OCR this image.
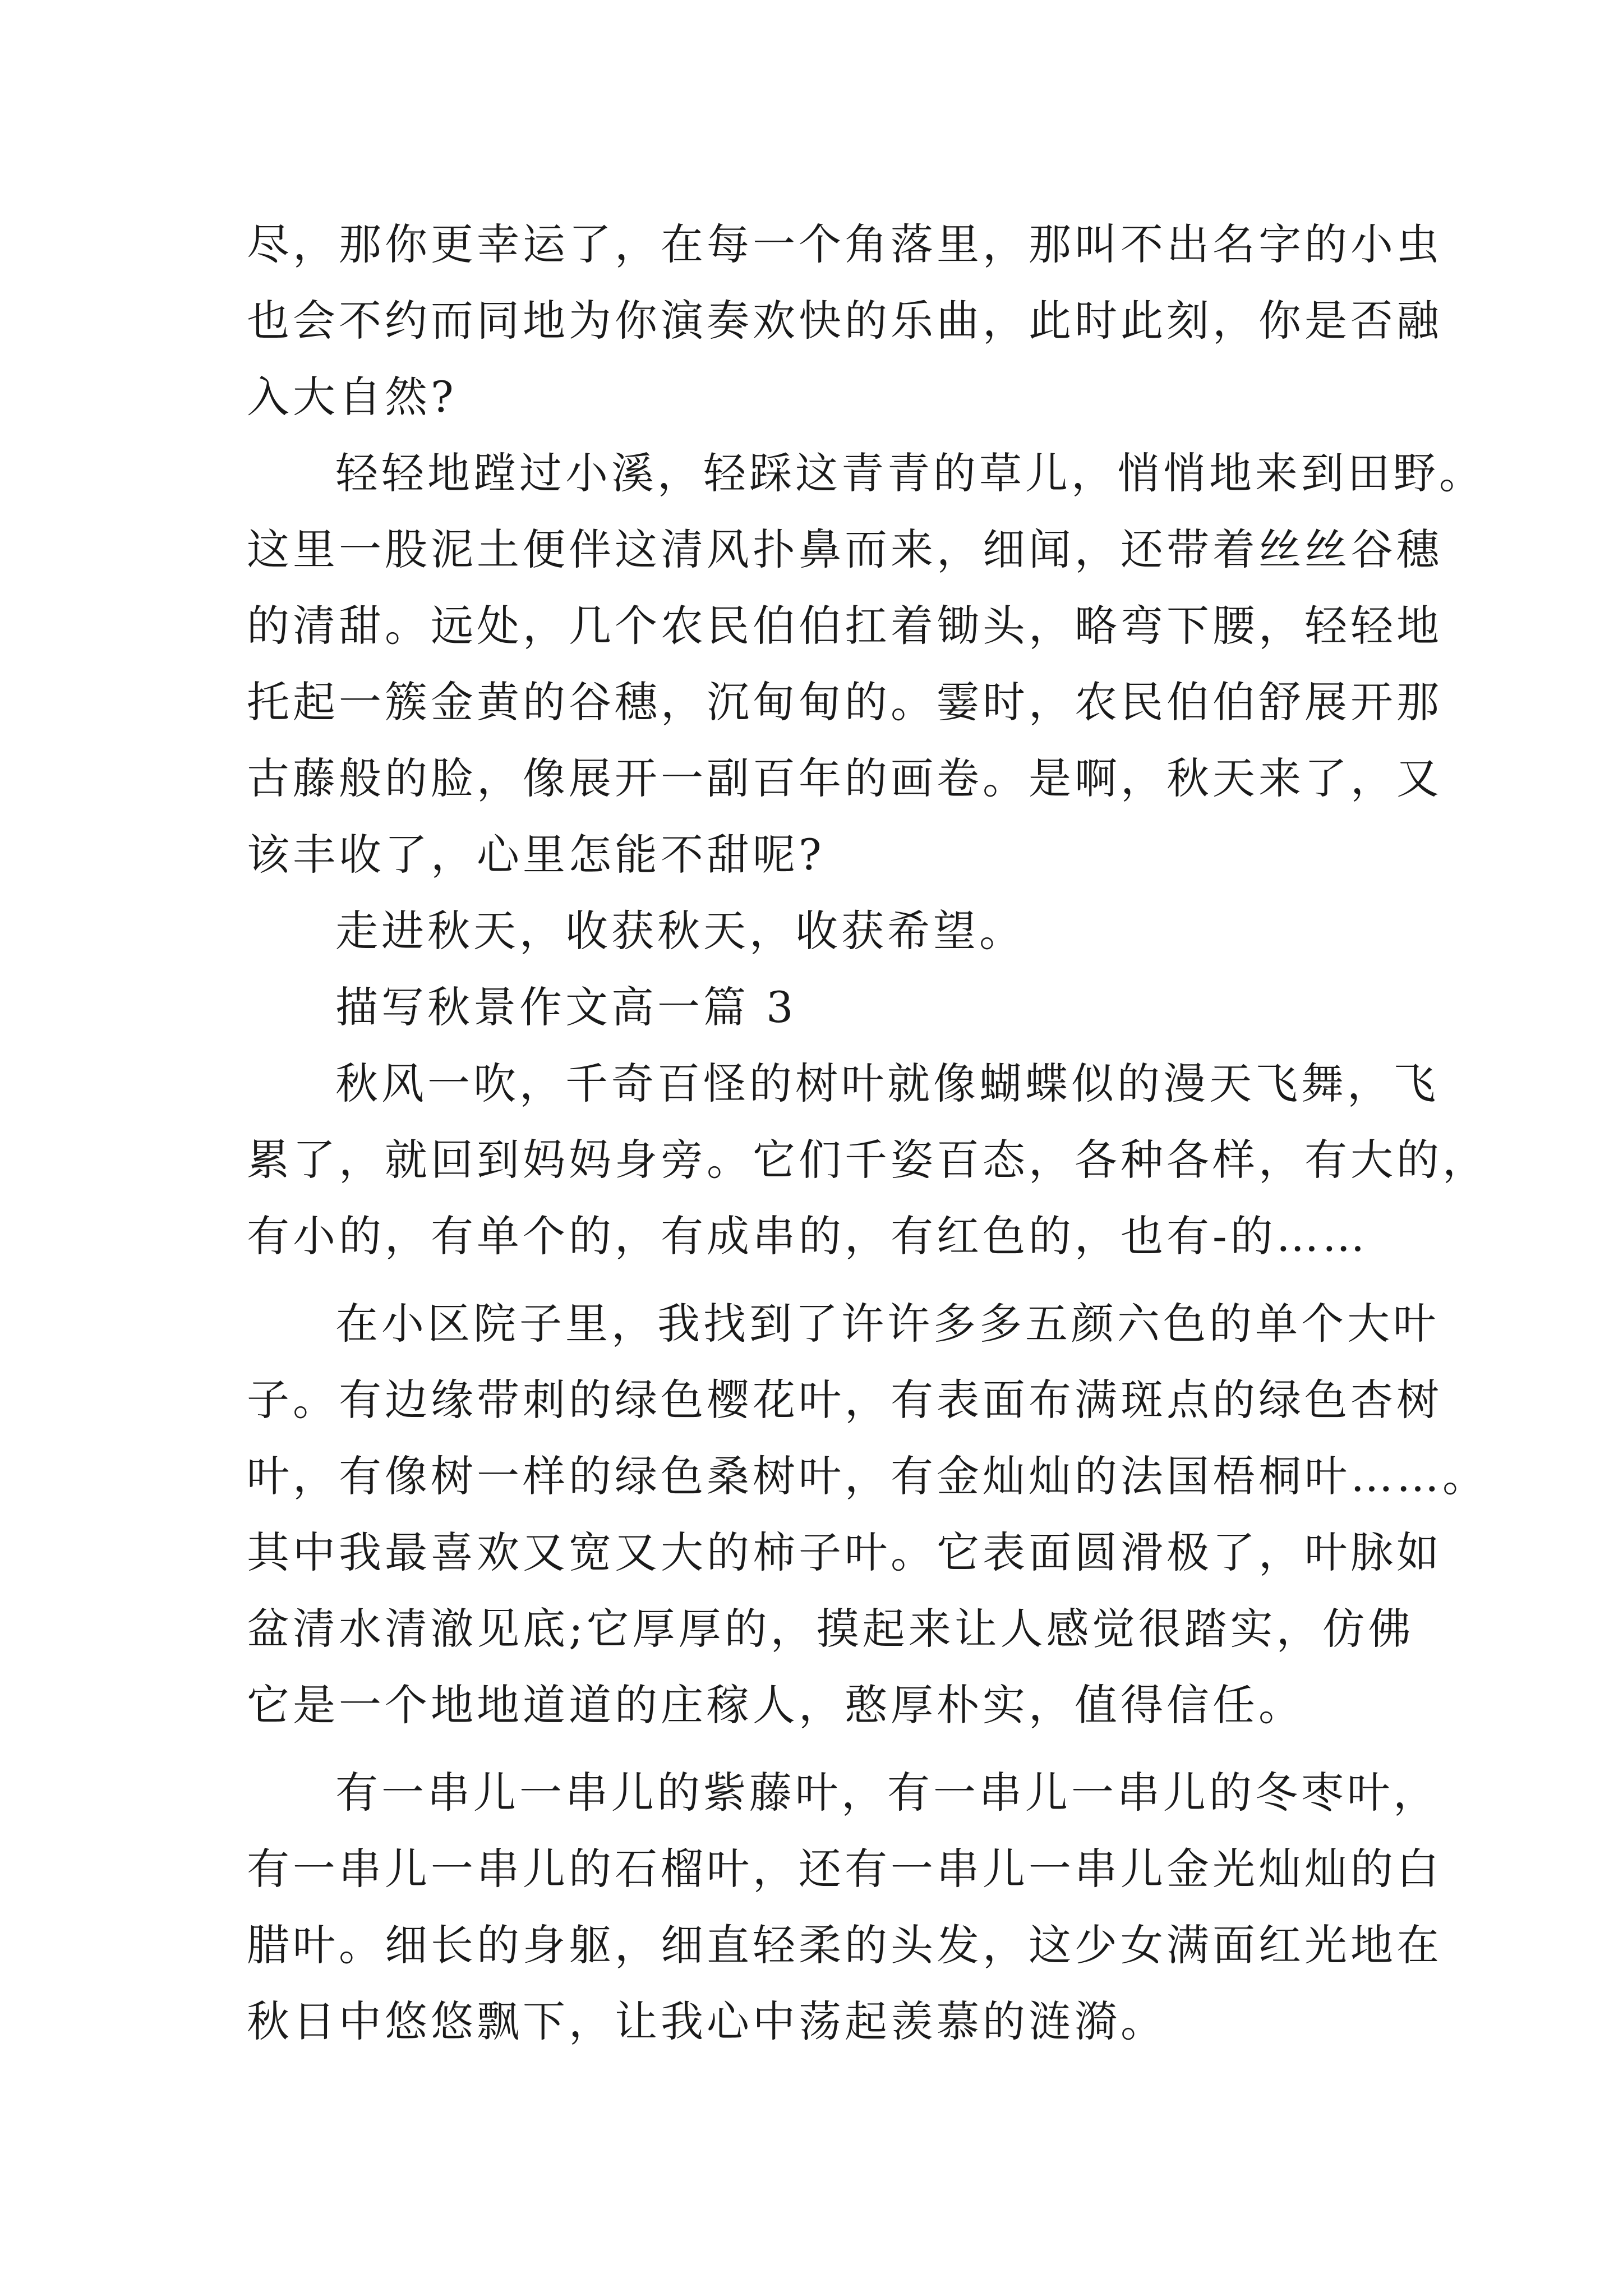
尽，那你更幸运了，在每一个角落里，那叫不出名字的小虫
也会不约而同地为你演奏欢快的乐曲，此时此刻，你是否融
入大自然?
轻轻地蹚过小溪，轻踩这青青的草儿，悄悄地来到田野。
这里一股泥土便伴这清风扑鼻而来，细闻，还带着丝丝谷穗
的清甜。远处，几个农民伯伯扛着锄头，略弯下腰，轻轻地
托起一簇金黄的谷穗，沉甸甸的。霎时，农民伯伯舒展开那
古藤般的脸，像展开一副百年的画卷。是啊，秋天来了，又
该丰收了，心里怎能不甜呢?
走进秋天，收获秋天，收获希望。
描写秋景作文高一篇 3
秋风一吹，千奇百怪的树叶就像蝴蝶似的漫天飞舞，飞
累了，就回到妈妈身旁。它们千姿百态，各种各样，有大的，
有小的，有单个的，有成串的，有红色的，也有-的……
在小区院子里，我找到了许许多多五颜六色的单个大叶
子。有边缘带刺的绿色樱花叶，有表面布满斑点的绿色杏树
叶，有像树一样的绿色桑树叶，有金灿灿的法国梧桐叶……。
其中我最喜欢又宽又大的柿子叶。它表面圆滑极了，叶脉如
盆清水清澈见底;它厚厚的，摸起来让人感觉很踏实，仿佛
它是一个地地道道的庄稼人，憨厚朴实，值得信任。
有一串儿一串儿的紫藤叶，有一串儿一串儿的冬枣叶，
有一串儿一串儿的石榴叶，还有一串儿一串儿金光灿灿的白
腊叶。细长的身躯，细直轻柔的头发，这少女满面红光地在
秋日中悠悠飘下，让我心中荡起羡慕的涟漪。
